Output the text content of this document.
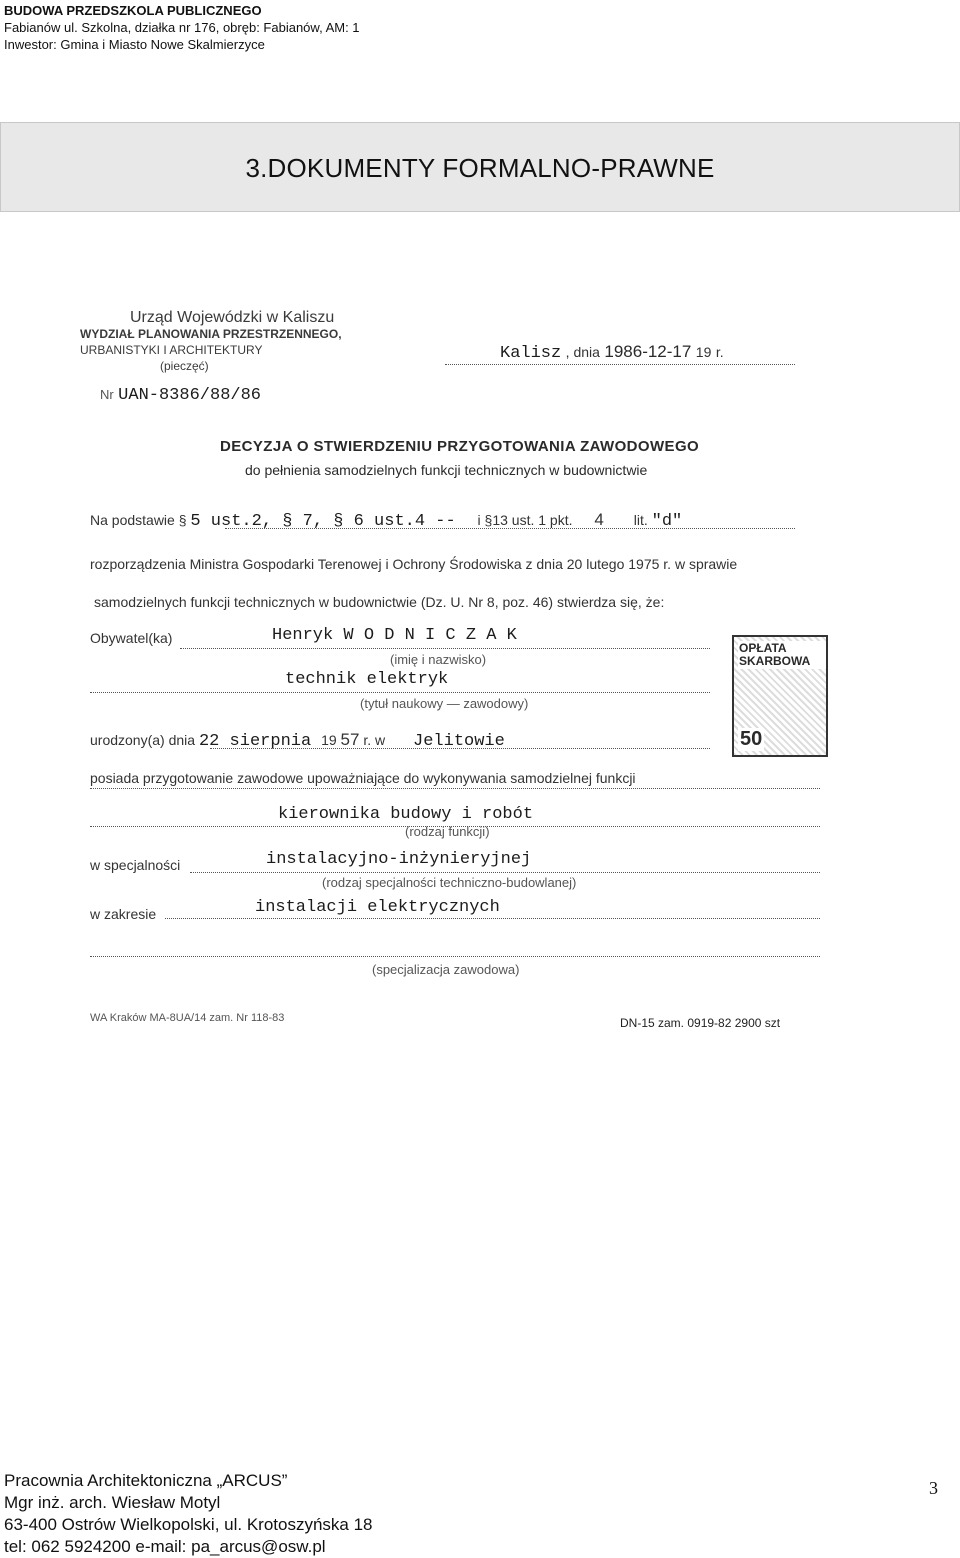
BUDOWA PRZEDSZKOLA PUBLICZNEGO
Fabianów ul. Szkolna, działka nr 176, obręb: Fabianów, AM: 1
Inwestor: Gmina i Miasto Nowe Skalmierzyce
3.DOKUMENTY FORMALNO-PRAWNE
Urząd Wojewódzki w Kaliszu
WYDZIAŁ PLANOWANIA PRZESTRZENNEGO,
URBANISTYKI I ARCHITEKTURY
(pieczęć)
Nr UAN-8386/88/86
Kalisz , dnia 1986-12-17 19 r.
DECYZJA O STWIERDZENIU PRZYGOTOWANIA ZAWODOWEGO
do pełnienia samodzielnych funkcji technicznych w budownictwie
Na podstawie § 5 ust.2, § 7, § 6 ust.4 -- i §13 ust. 1 pkt. 4 lit. "d"
rozporządzenia Ministra Gospodarki Terenowej i Ochrony Środowiska z dnia 20 lutego 1975 r. w sprawie
samodzielnych funkcji technicznych w budownictwie (Dz. U. Nr 8, poz. 46) stwierdza się, że:
Obywatel(ka)	Henryk W O D N I C Z A K
(imię i nazwisko)
technik elektryk
(tytuł naukowy — zawodowy)
urodzony(a) dnia 22 sierpnia 19 57 r. w Jelitowie
posiada przygotowanie zawodowe upoważniające do wykonywania samodzielnej funkcji
kierownika budowy i robót
(rodzaj funkcji)
w specjalności	instalacyjno-inżynieryjnej
(rodzaj specjalności techniczno-budowlanej)
w zakresie	instalacji elektrycznych
(specjalizacja zawodowa)
WA Kraków MA-8UA/14 zam. Nr 118-83	DN-15 zam. 0919-82 2900 szt
OPŁATA SKARBOWA
50
Pracownia Architektoniczna „ARCUS”
Mgr inż. arch. Wiesław Motyl
63-400 Ostrów Wielkopolski, ul. Krotoszyńska 18
tel: 062 5924200 e-mail: pa_arcus@osw.pl
3
